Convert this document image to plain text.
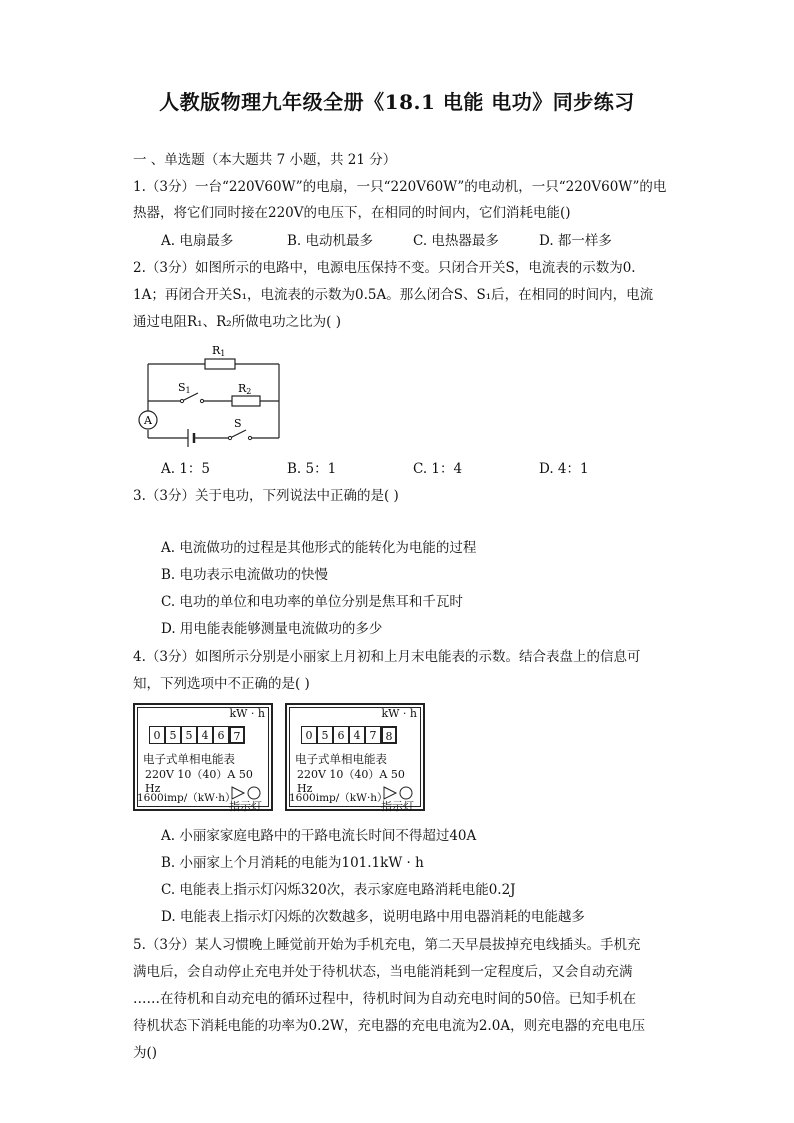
人教版物理九年级全册《18.1 电能 电功》同步练习
一 、单选题（本大题共 7 小题，共 21 分）
1.（3分）一台“220V60W”的电扇，一只“220V60W”的电动机，一只“220V60W”的电
热器，将它们同时接在220V的电压下，在相同的时间内，它们消耗电能()
A. 电扇最多	B. 电动机最多	C. 电热器最多	D. 都一样多
2.（3分）如图所示的电路中，电源电压保持不变。只闭合开关S，电流表的示数为0.
1A；再闭合开关S₁，电流表的示数为0.5A。那么闭合S、S₁后，在相同的时间内，电流
通过电阻R₁、R₂所做电功之比为( )
R1
R2
S1
S
A
A. 1：5	B. 5：1	C. 1：4	D. 4：1
3.（3分）关于电功，下列说法中正确的是( )
A. 电流做功的过程是其他形式的能转化为电能的过程
B. 电功表示电流做功的快慢
C. 电功的单位和电功率的单位分别是焦耳和千瓦时
D. 用电能表能够测量电流做功的多少
4.（3分）如图所示分别是小丽家上月初和上月末电能表的示数。结合表盘上的信息可
知，下列选项中不正确的是( )
kW · h
0 5 5 4 6 7
电子式单相电能表
220V 10（40）A 50 Hz
1600imp/（kW·h）
指示灯
kW · h
0 5 6 4 7 8
电子式单相电能表
220V 10（40）A 50 Hz
1600imp/（kW·h）
指示灯
A. 小丽家家庭电路中的干路电流长时间不得超过40A
B. 小丽家上个月消耗的电能为101.1kW · h
C. 电能表上指示灯闪烁320次，表示家庭电路消耗电能0.2J
D. 电能表上指示灯闪烁的次数越多，说明电路中用电器消耗的电能越多
5.（3分）某人习惯晚上睡觉前开始为手机充电，第二天早晨拔掉充电线插头。手机充
满电后，会自动停止充电并处于待机状态，当电能消耗到一定程度后，又会自动充满
……在待机和自动充电的循环过程中，待机时间为自动充电时间的50倍。已知手机在
待机状态下消耗电能的功率为0.2W，充电器的充电电流为2.0A，则充电器的充电电压
为()
